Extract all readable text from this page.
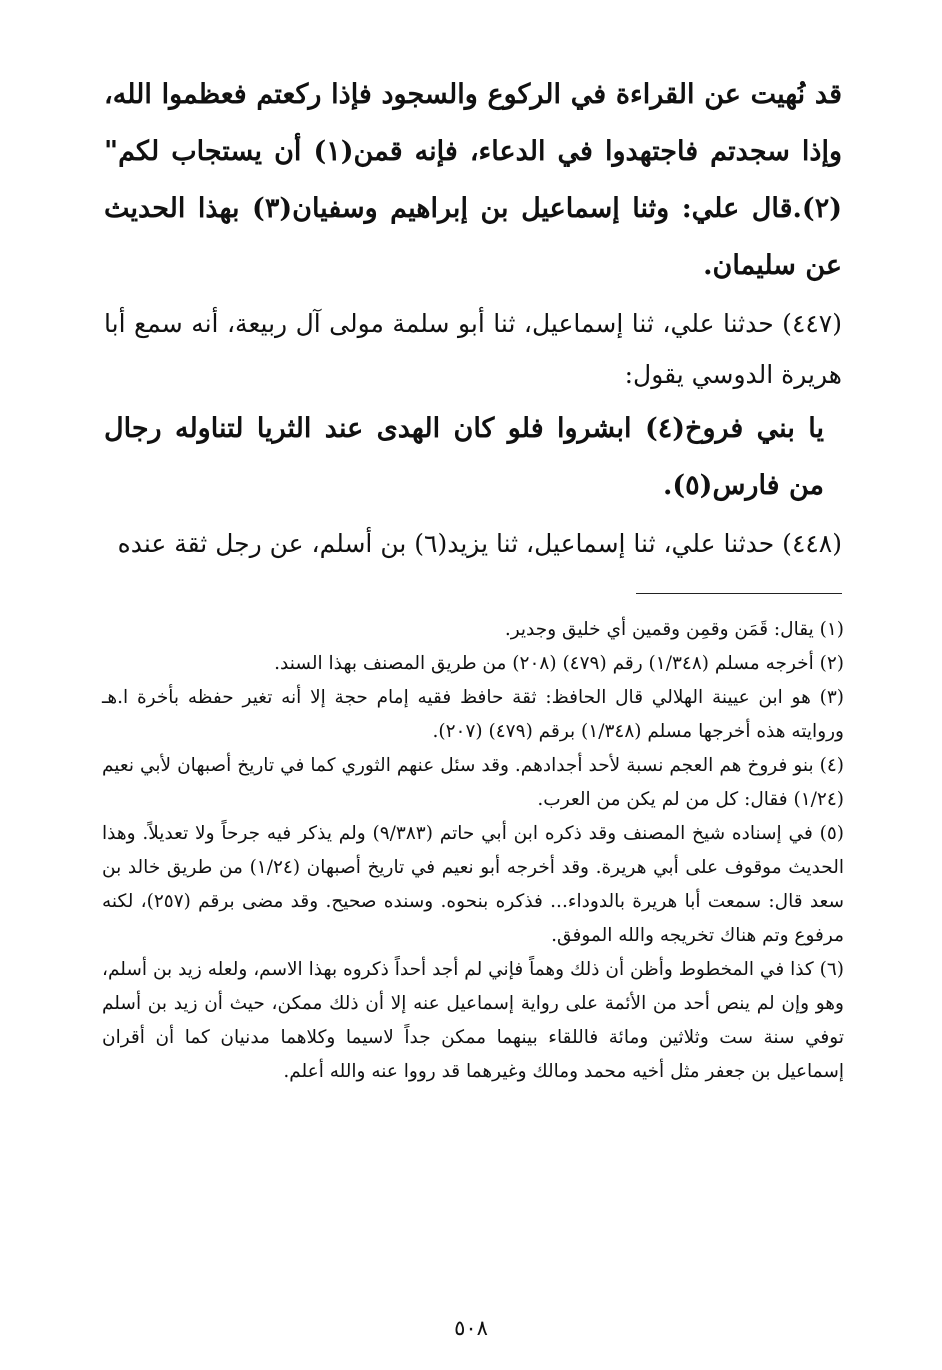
قد نُهيت عن القراءة في الركوع والسجود فإذا ركعتم فعظموا الله، وإذا سجدتم فاجتهدوا في الدعاء، فإنه قمن(١) أن يستجاب لكم"(٢).قال علي: وثنا إسماعيل بن إبراهيم وسفيان(٣) بهذا الحديث عن سليمان.

(٤٤٧) حدثنا علي، ثنا إسماعيل، ثنا أبو سلمة مولى آل ربيعة، أنه سمع أبا هريرة الدوسي يقول:

يا بني فروخ(٤) ابشروا فلو كان الهدى عند الثريا لتناوله رجال من فارس(٥).

(٤٤٨) حدثنا علي، ثنا إسماعيل، ثنا يزيد(٦) بن أسلم، عن رجل ثقة عنده

(١) يقال: قَمَن وقمِن وقمين أي خليق وجدير.

(٢) أخرجه مسلم (١/٣٤٨) رقم (٤٧٩) (٢٠٨) من طريق المصنف بهذا السند.

(٣) هو ابن عيينة الهلالي قال الحافظ: ثقة حافظ فقيه إمام حجة إلا أنه تغير حفظه بأخرة ا.هـ وروايته هذه أخرجها مسلم (١/٣٤٨) برقم (٤٧٩) (٢٠٧).

(٤) بنو فروخ هم العجم نسبة لأحد أجدادهم. وقد سئل عنهم الثوري كما في تاريخ أصبهان لأبي نعيم (١/٢٤) فقال: كل من لم يكن من العرب.

(٥) في إسناده شيخ المصنف وقد ذكره ابن أبي حاتم (٩/٣٨٣) ولم يذكر فيه جرحاً ولا تعديلاً. وهذا الحديث موقوف على أبي هريرة. وقد أخرجه أبو نعيم في تاريخ أصبهان (١/٢٤) من طريق خالد بن سعد قال: سمعت أبا هريرة بالدوداء... فذكره بنحوه. وسنده صحيح. وقد مضى برقم (٢٥٧)، لكنه مرفوع وتم هناك تخريجه والله الموفق.

(٦) كذا في المخطوط وأظن أن ذلك وهماً فإني لم أجد أحداً ذكروه بهذا الاسم، ولعله زيد بن أسلم، وهو وإن لم ينص أحد من الأئمة على رواية إسماعيل عنه إلا أن ذلك ممكن، حيث أن زيد بن أسلم توفي سنة ست وثلاثين ومائة فاللقاء بينهما ممكن جداً لاسيما وكلاهما مدنيان كما أن أقران إسماعيل بن جعفر مثل أخيه محمد ومالك وغيرهما قد رووا عنه والله أعلم.

٥٠٨
